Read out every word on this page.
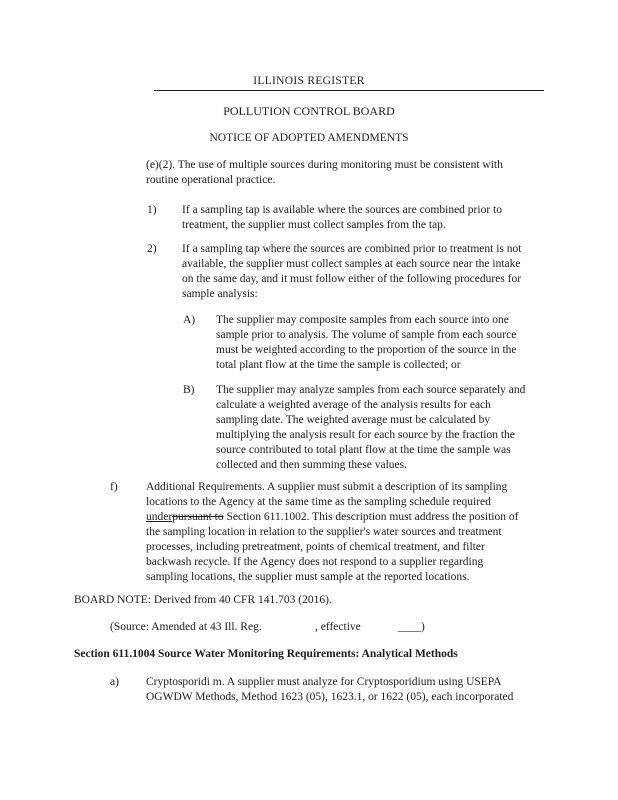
ILLINOIS REGISTER
POLLUTION CONTROL BOARD
NOTICE OF ADOPTED AMENDMENTS
(e)(2). The use of multiple sources during monitoring must be consistent with
routine operational practice.
1) If a sampling tap is available where the sources are combined prior to
treatment, the supplier must collect samples from the tap.
2) If a sampling tap where the sources are combined prior to treatment is not
available, the supplier must collect samples at each source near the intake
on the same day, and it must follow either of the following procedures for
sample analysis:
A) The supplier may composite samples from each source into one
sample prior to analysis. The volume of sample from each source
must be weighted according to the proportion of the source in the
total plant flow at the time the sample is collected; or
B) The supplier may analyze samples from each source separately and
calculate a weighted average of the analysis results for each
sampling date. The weighted average must be calculated by
multiplying the analysis result for each source by the fraction the
source contributed to total plant flow at the time the sample was
collected and then summing these values.
f) Additional Requirements. A supplier must submit a description of its sampling
locations to the Agency at the same time as the sampling schedule required
underpursuant to Section 611.1002. This description must address the position of
the sampling location in relation to the supplier's water sources and treatment
processes, including pretreatment, points of chemical treatment, and filter
backwash recycle. If the Agency does not respond to a supplier regarding
sampling locations, the supplier must sample at the reported locations.
BOARD NOTE: Derived from 40 CFR 141.703 (2016).
(Source: Amended at 43 Ill. Reg.	, effective	____)
Section 611.1004 Source Water Monitoring Requirements: Analytical Methods
a) Cryptosporidi m. A supplier must analyze for Cryptosporidium using USEPA
OGWDW Methods, Method 1623 (05), 1623.1, or 1622 (05), each incorporated
